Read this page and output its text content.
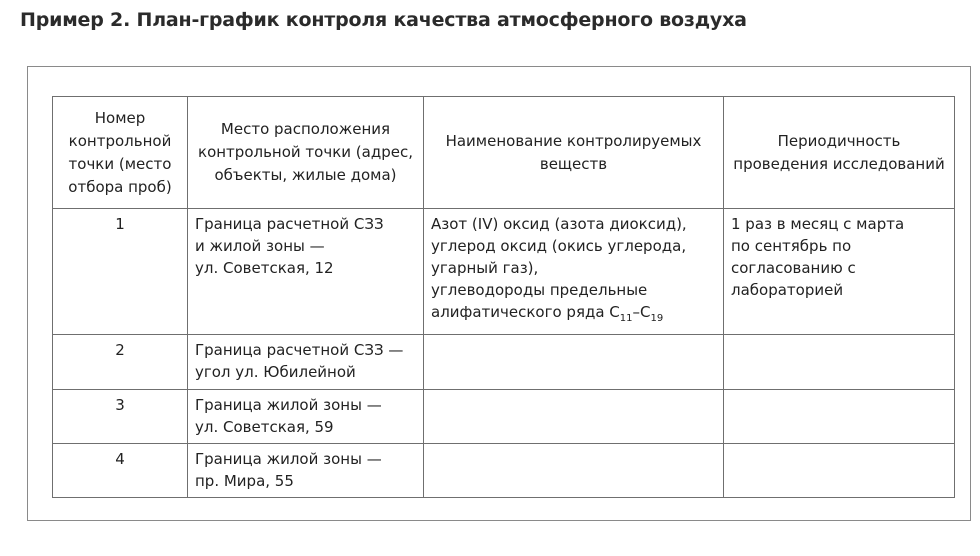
Пример 2. План-график контроля качества атмосферного воздуха
Номер контрольной точки (место отбора проб)	Место расположения контрольной точки (адрес, объекты, жилые дома)	Наименование контролируемых веществ	Периодичность проведения исследований
1	Граница расчетной СЗЗ
и жилой зоны —
ул. Советская, 12	Азот (IV) оксид (азота диоксид),
углерод оксид (окись углерода,
угарный газ),
углеводороды предельные алифатического ряда $С_{11}-С_{19}$	1 раз в месяц с марта
по сентябрь по согласованию с лабораторией
2	Граница расчетной СЗЗ —
угол ул. Юбилейной		
3	Граница жилой зоны —
ул. Советская, 59		
4	Граница жилой зоны —
пр. Мира, 55		
